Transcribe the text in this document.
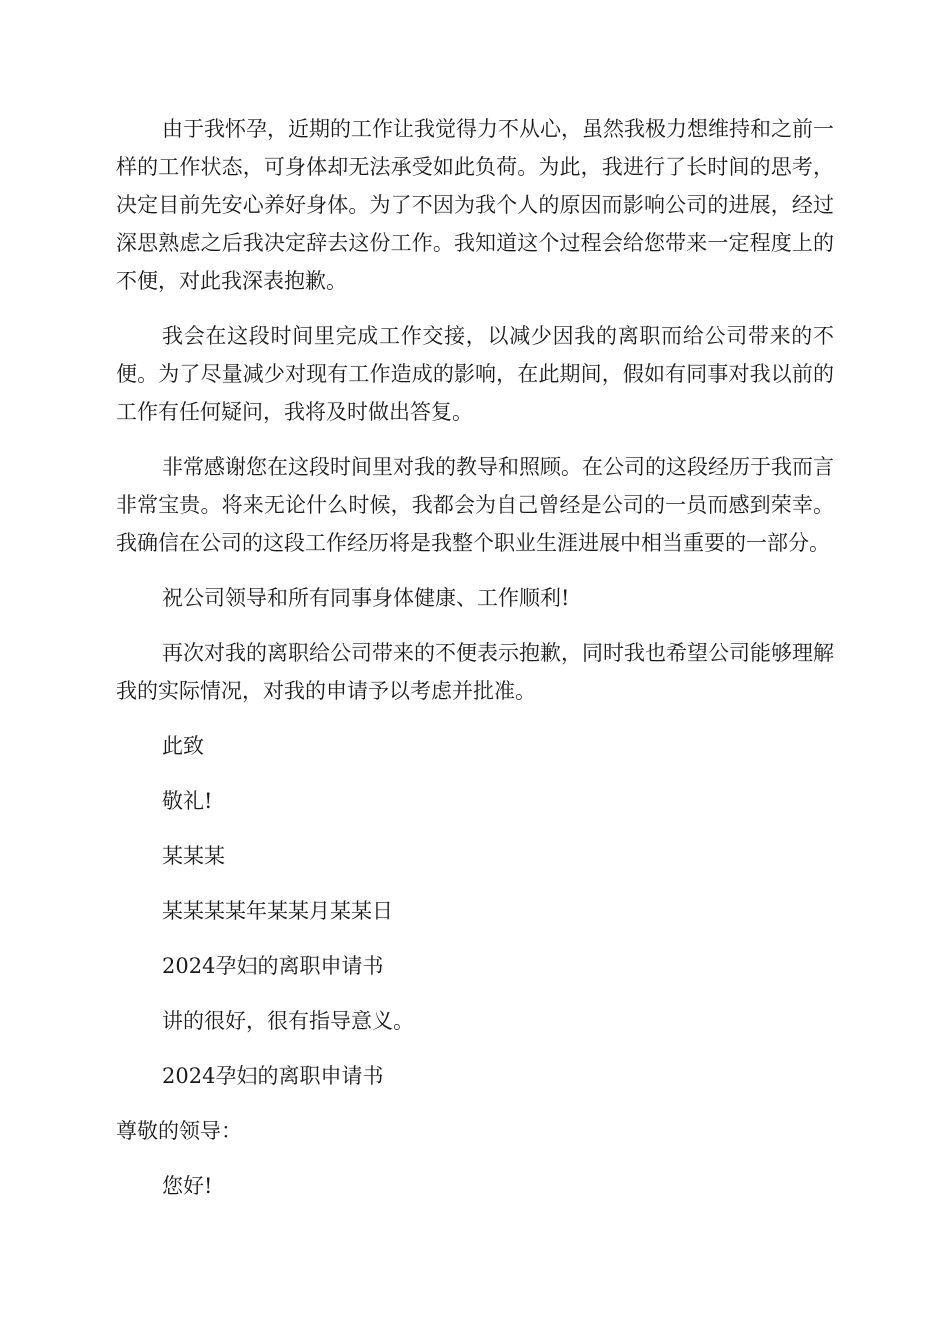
由于我怀孕，近期的工作让我觉得力不从心，虽然我极力想维持和之前一样的工作状态，可身体却无法承受如此负荷。为此，我进行了长时间的思考，决定目前先安心养好身体。为了不因为我个人的原因而影响公司的进展，经过深思熟虑之后我决定辞去这份工作。我知道这个过程会给您带来一定程度上的不便，对此我深表抱歉。

我会在这段时间里完成工作交接，以减少因我的离职而给公司带来的不便。为了尽量减少对现有工作造成的影响，在此期间，假如有同事对我以前的工作有任何疑问，我将及时做出答复。

非常感谢您在这段时间里对我的教导和照顾。在公司的这段经历于我而言非常宝贵。将来无论什么时候，我都会为自己曾经是公司的一员而感到荣幸。我确信在公司的这段工作经历将是我整个职业生涯进展中相当重要的一部分。

祝公司领导和所有同事身体健康、工作顺利!

再次对我的离职给公司带来的不便表示抱歉，同时我也希望公司能够理解我的实际情况，对我的申请予以考虑并批准。

此致

敬礼!

某某某

某某某某年某某月某某日

2024孕妇的离职申请书

讲的很好，很有指导意义。

2024孕妇的离职申请书

尊敬的领导：

您好!
